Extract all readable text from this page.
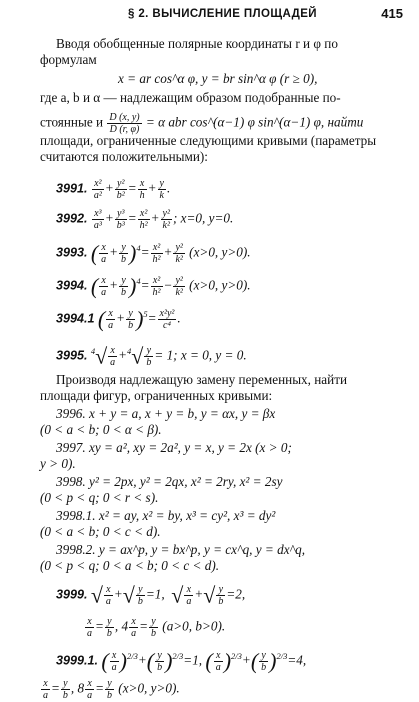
§ 2. ВЫЧИСЛЕНИЕ ПЛОЩАДЕЙ	415
Вводя обобщенные полярные координаты r и φ по
формулам
x = ar cos^α φ, y = br sin^α φ (r ≥ 0),
где a, b и α — надлежащим образом подобранные по-
стоянные и $\frac{D (x, y)}{D (r, \varphi)} = \alpha$ abr cos^(α−1) φ sin^(α−1) φ, найти
площади, ограниченные следующими кривыми (параметры
считаются положительными):
3991. $\frac{\text{x²}}{\text{a²}} + \frac{\text{y²}}{\text{b²}} = \frac{x}{h} + \frac{y}{k}$ .
3992. $\frac{\text{x³}}{\text{a³}} + \frac{\text{y³}}{\text{b³}} = \frac{\text{x²}}{\text{h²}} + \frac{\text{y²}}{\text{k²}}$ ; x=0, y=0.
3993. ( $\frac{x}{a} + \frac{y}{b} )^4= \frac{\text{x²}}{\text{h²}} + \frac{\text{y²}}{\text{k²}} (x>0$, y>0).
3994. ( $\frac{x}{a} + \frac{y}{b} )^4= \frac{\text{x²}}{\text{h²}} - \frac{\text{y²}}{\text{k²}} (x>0$, y>0).
3994.1 ( $\frac{x}{a} + \frac{y}{b} )^5= \frac{\text{x²y²}}{\text{c⁴}}$ .
3995. $^4√ \frac{x}{a} +^4√ \frac{y}{b} = 1$; x = 0, y = 0.
Производя надлежащую замену переменных, найти
площади фигур, ограниченных кривыми:
3996. x + y = a, x + y = b, y = αx, y = βx
(0 < a < b; 0 < α < β).
3997. xy = a², xy = 2a², y = x, y = 2x (x > 0;
y > 0).
3998. y² = 2px, y² = 2qx, x² = 2ry, x² = 2sy
(0 < p < q; 0 < r < s).
3998.1. x² = ay, x² = by, x³ = cy², x³ = dy²
(0 < a < b; 0 < c < d).
3998.2. y = ax^p, y = bx^p, y = cx^q, y = dx^q,
(0 < p < q; 0 < a < b; 0 < c < d).
3999. √ $\frac{x}{a}$ +√ $\frac{y}{b} =1$,  √ $\frac{x}{a}$ +√ $\frac{y}{b} =2$,
$\frac{x}{a} = \frac{y}{b}$ , $4 \frac{x}{a} = \frac{y}{b} (a>0$, b>0).
3999.1. ( $\frac{x}{a} )^{2/3}+( \frac{y}{b} )^{2/3}=1$, ( $\frac{x}{a} )^{2/3}+( \frac{y}{b} )^{2/3}=4$,
$\frac{x}{a} = \frac{y}{b}$ , $8 \frac{x}{a} = \frac{y}{b} (x>0$, y>0).
